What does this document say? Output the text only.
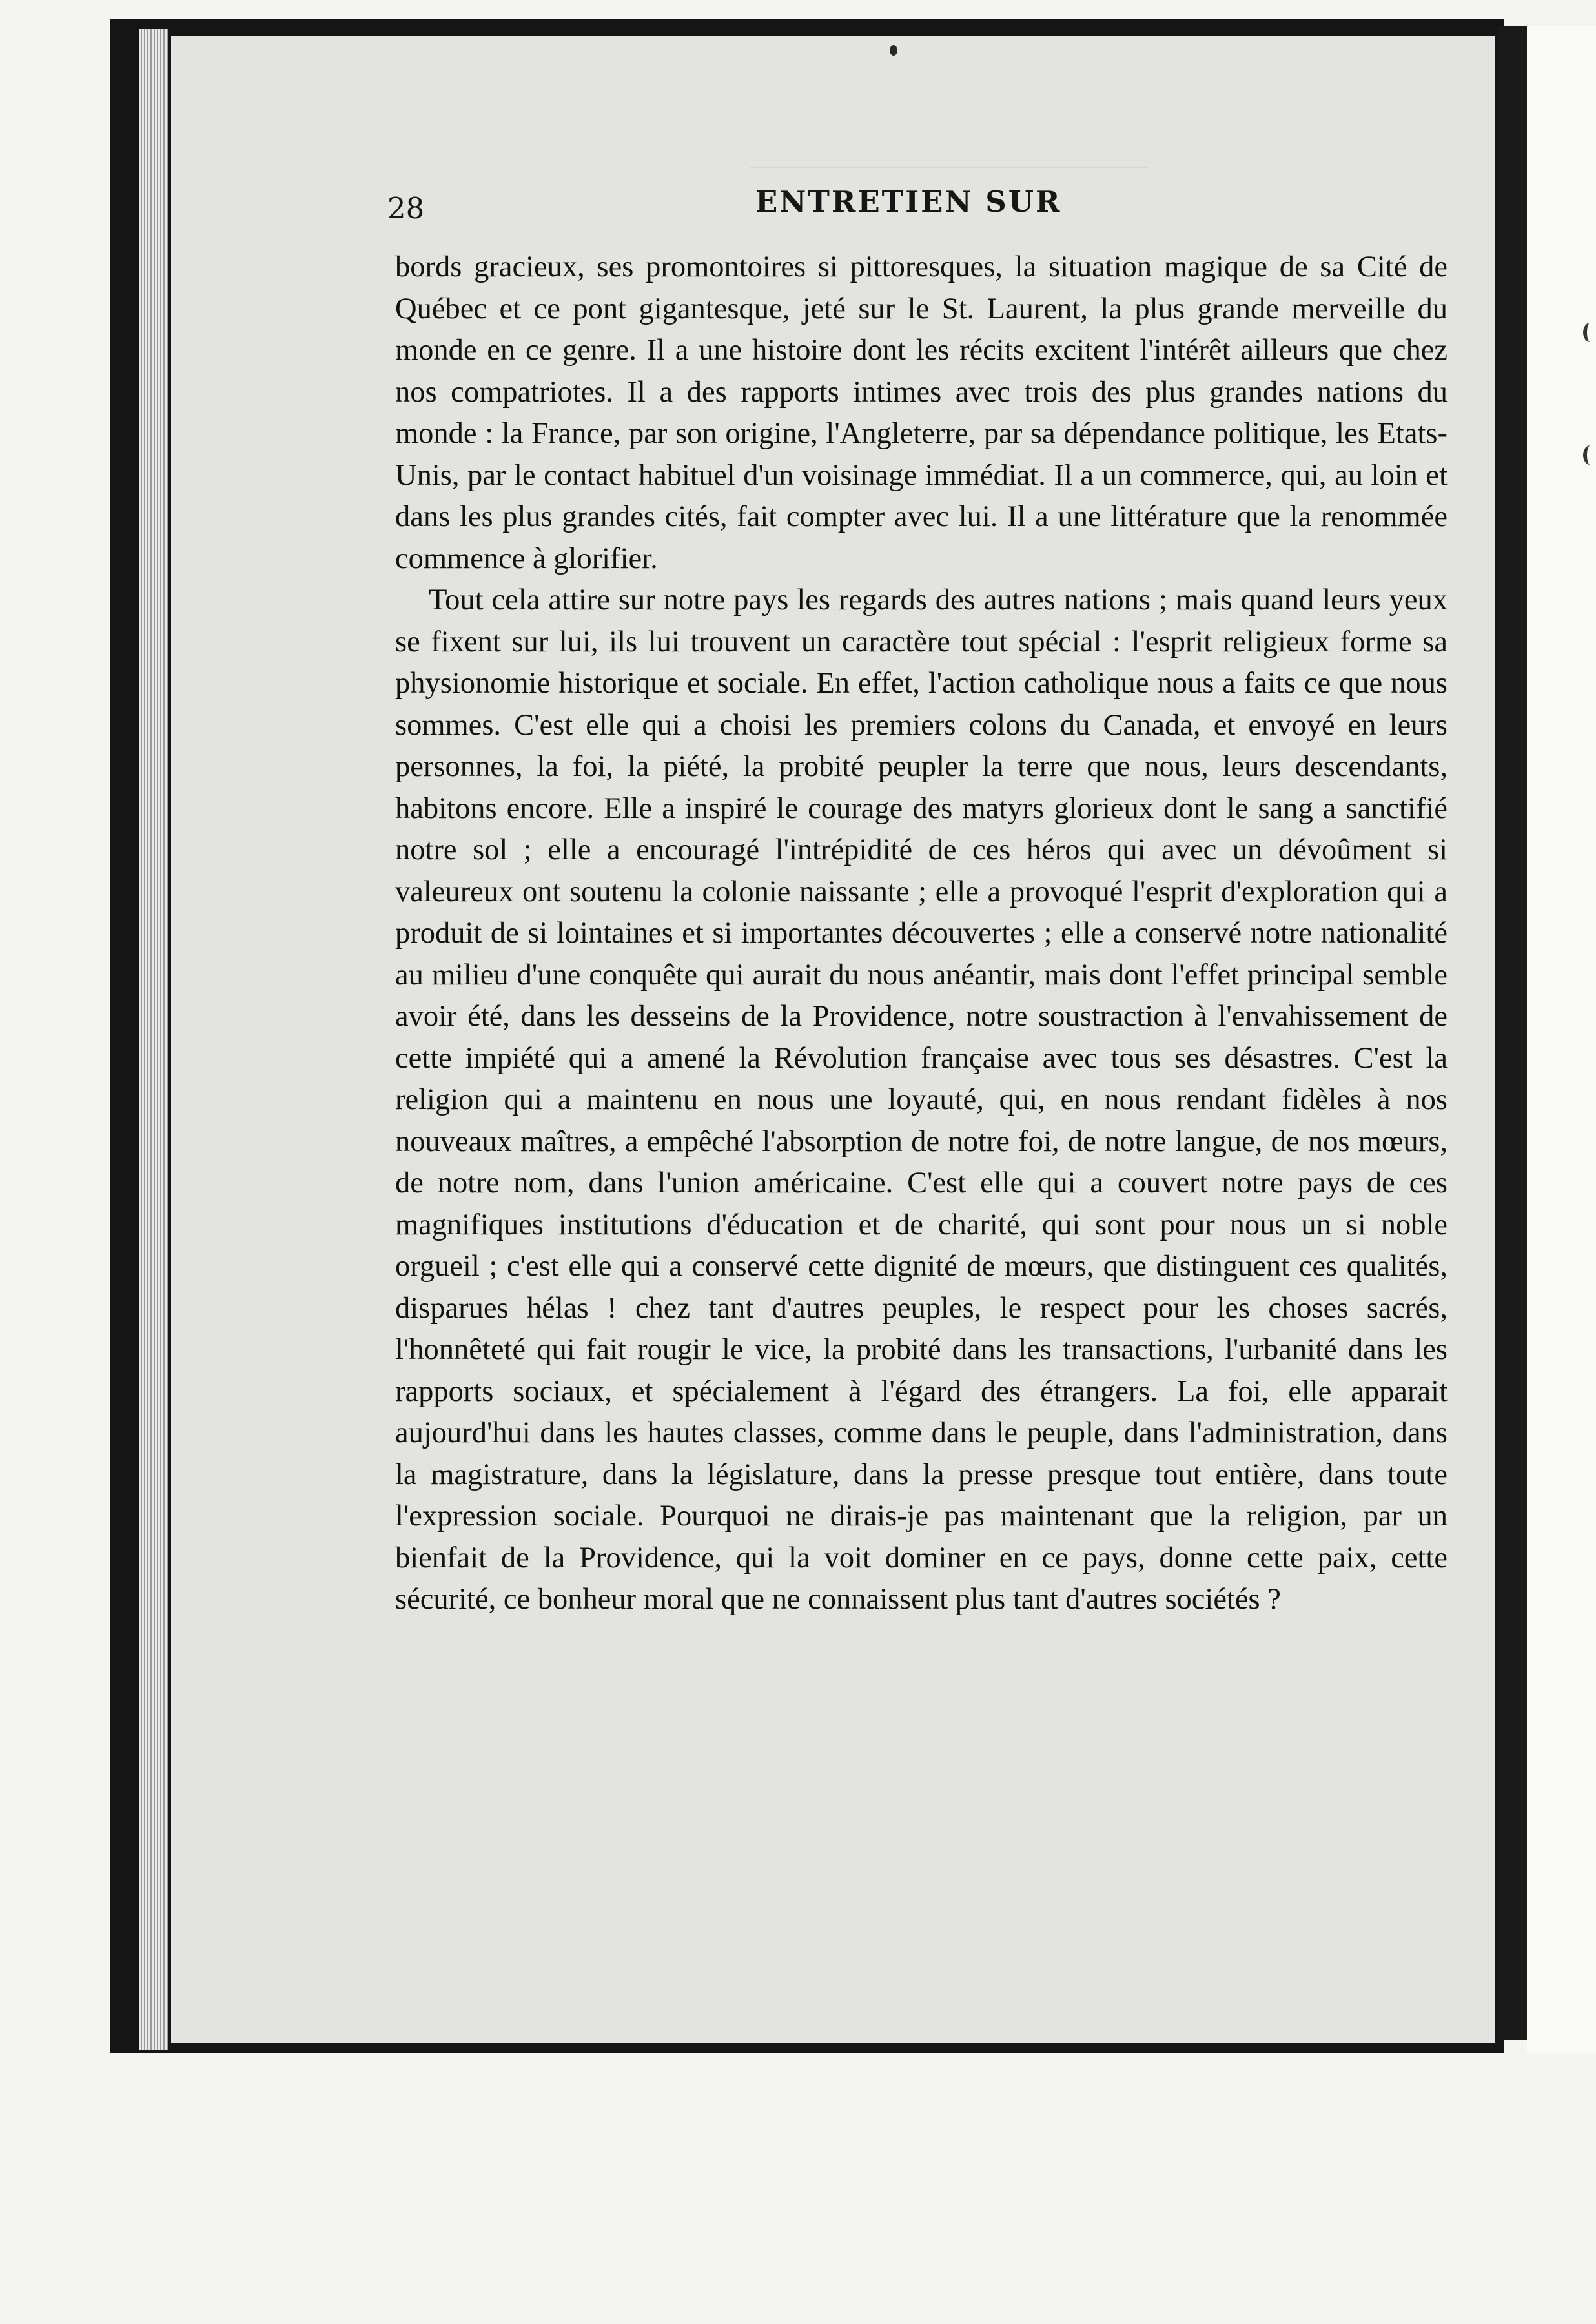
28	ENTRETIEN SUR

bords gracieux, ses promontoires si pittoresques, la situation magique de sa Cité de Québec et ce pont gigantesque, jeté sur le St. Laurent, la plus grande merveille du monde en ce genre. Il a une histoire dont les récits excitent l'intérêt ailleurs que chez nos compatriotes. Il a des rapports intimes avec trois des plus grandes nations du monde : la France, par son origine, l'Angleterre, par sa dépendance politique, les Etats-Unis, par le contact habituel d'un voisinage immédiat. Il a un commerce, qui, au loin et dans les plus grandes cités, fait compter avec lui. Il a une littérature que la renommée commence à glorifier.

Tout cela attire sur notre pays les regards des autres nations ; mais quand leurs yeux se fixent sur lui, ils lui trouvent un caractère tout spécial : l'esprit religieux forme sa physionomie historique et sociale. En effet, l'action catholique nous a faits ce que nous sommes. C'est elle qui a choisi les premiers colons du Canada, et envoyé en leurs personnes, la foi, la piété, la probité peupler la terre que nous, leurs descendants, habitons encore. Elle a inspiré le courage des matyrs glorieux dont le sang a sanctifié notre sol ; elle a encouragé l'intrépidité de ces héros qui avec un dévoûment si valeureux ont soutenu la colonie naissante ; elle a provoqué l'esprit d'exploration qui a produit de si lointaines et si importantes découvertes ; elle a conservé notre nationalité au milieu d'une conquête qui aurait du nous anéantir, mais dont l'effet principal semble avoir été, dans les desseins de la Providence, notre soustraction à l'envahissement de cette impiété qui a amené la Révolution française avec tous ses désastres. C'est la religion qui a maintenu en nous une loyauté, qui, en nous rendant fidèles à nos nouveaux maîtres, a empêché l'absorption de notre foi, de notre langue, de nos mœurs, de notre nom, dans l'union américaine. C'est elle qui a couvert notre pays de ces magnifiques institutions d'éducation et de charité, qui sont pour nous un si noble orgueil ; c'est elle qui a conservé cette dignité de mœurs, que distinguent ces qualités, disparues hélas ! chez tant d'autres peuples, le respect pour les choses sacrés, l'honnêteté qui fait rougir le vice, la probité dans les transactions, l'urbanité dans les rapports sociaux, et spécialement à l'égard des étrangers. La foi, elle apparait aujourd'hui dans les hautes classes, comme dans le peuple, dans l'administration, dans la magistrature, dans la législature, dans la presse presque tout entière, dans toute l'expression sociale. Pourquoi ne dirais-je pas maintenant que la religion, par un bienfait de la Providence, qui la voit dominer en ce pays, donne cette paix, cette sécurité, ce bonheur moral que ne connaissent plus tant d'autres sociétés ?
